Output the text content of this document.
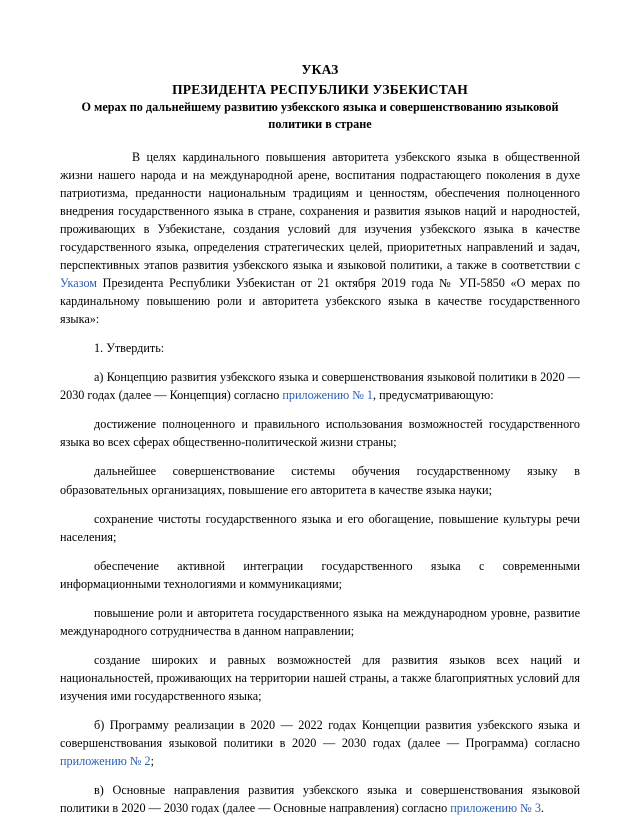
УКАЗ
ПРЕЗИДЕНТА РЕСПУБЛИКИ УЗБЕКИСТАН
О мерах по дальнейшему развитию узбекского языка и совершенствованию языковой политики в стране

В целях кардинального повышения авторитета узбекского языка в общественной жизни нашего народа и на международной арене, воспитания подрастающего поколения в духе патриотизма, преданности национальным традициям и ценностям, обеспечения полноценного внедрения государственного языка в стране, сохранения и развития языков наций и народностей, проживающих в Узбекистане, создания условий для изучения узбекского языка в качестве государственного языка, определения стратегических целей, приоритетных направлений и задач, перспективных этапов развития узбекского языка и языковой политики, а также в соответствии с Указом Президента Республики Узбекистан от 21 октября 2019 года № УП-5850 «О мерах по кардинальному повышению роли и авторитета узбекского языка в качестве государственного языка»:

1. Утвердить:

а) Концепцию развития узбекского языка и совершенствования языковой политики в 2020 — 2030 годах (далее — Концепция) согласно приложению № 1, предусматривающую:

достижение полноценного и правильного использования возможностей государственного языка во всех сферах общественно-политической жизни страны;

дальнейшее совершенствование системы обучения государственному языку в образовательных организациях, повышение его авторитета в качестве языка науки;

сохранение чистоты государственного языка и его обогащение, повышение культуры речи населения;

обеспечение активной интеграции государственного языка с современными информационными технологиями и коммуникациями;

повышение роли и авторитета государственного языка на международном уровне, развитие международного сотрудничества в данном направлении;

создание широких и равных возможностей для развития языков всех наций и национальностей, проживающих на территории нашей страны, а также благоприятных условий для изучения ими государственного языка;

б) Программу реализации в 2020 — 2022 годах Концепции развития узбекского языка и совершенствования языковой политики в 2020 — 2030 годах (далее — Программа) согласно приложению № 2;

в) Основные направления развития узбекского языка и совершенствования языковой политики в 2020 — 2030 годах (далее — Основные направления) согласно приложению № 3.
